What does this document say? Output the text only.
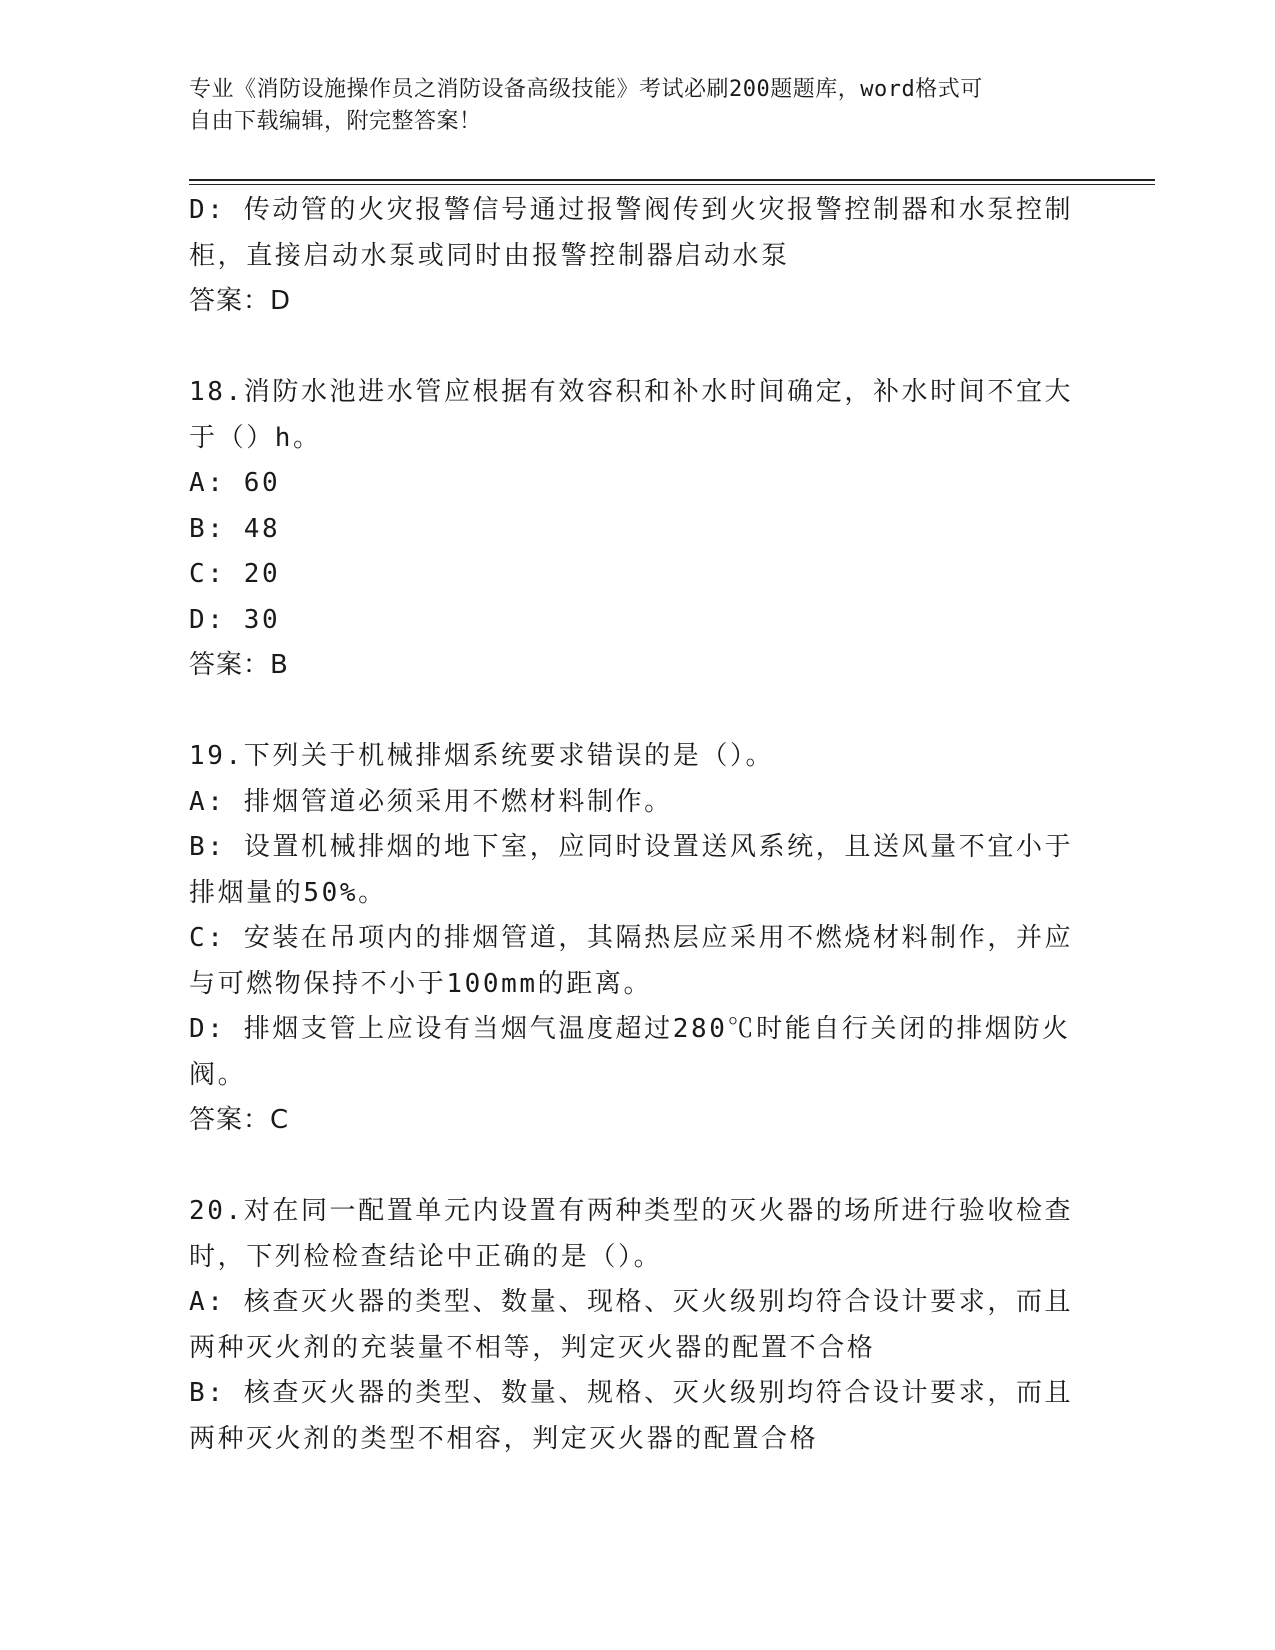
专业《消防设施操作员之消防设备高级技能》考试必刷200题题库，word格式可
自由下载编辑，附完整答案！
D: 传动管的火灾报警信号通过报警阀传到火灾报警控制器和水泵控制
柜，直接启动水泵或同时由报警控制器启动水泵
答案：D
18.消防水池进水管应根据有效容积和补水时间确定，补水时间不宜大
于（）h。
A: 60
B: 48
C: 20
D: 30
答案：B
19.下列关于机械排烟系统要求错误的是（）。
A: 排烟管道必须采用不燃材料制作。
B: 设置机械排烟的地下室，应同时设置送风系统，且送风量不宜小于
排烟量的50%。
C: 安装在吊项内的排烟管道，其隔热层应采用不燃烧材料制作，并应
与可燃物保持不小于100mm的距离。
D: 排烟支管上应设有当烟气温度超过280℃时能自行关闭的排烟防火
阀。
答案：C
20.对在同一配置单元内设置有两种类型的灭火器的场所进行验收检查
时，下列检检查结论中正确的是（）。
A: 核查灭火器的类型、数量、现格、灭火级别均符合设计要求，而且
两种灭火剂的充装量不相等，判定灭火器的配置不合格
B: 核查灭火器的类型、数量、规格、灭火级别均符合设计要求，而且
两种灭火剂的类型不相容，判定灭火器的配置合格
